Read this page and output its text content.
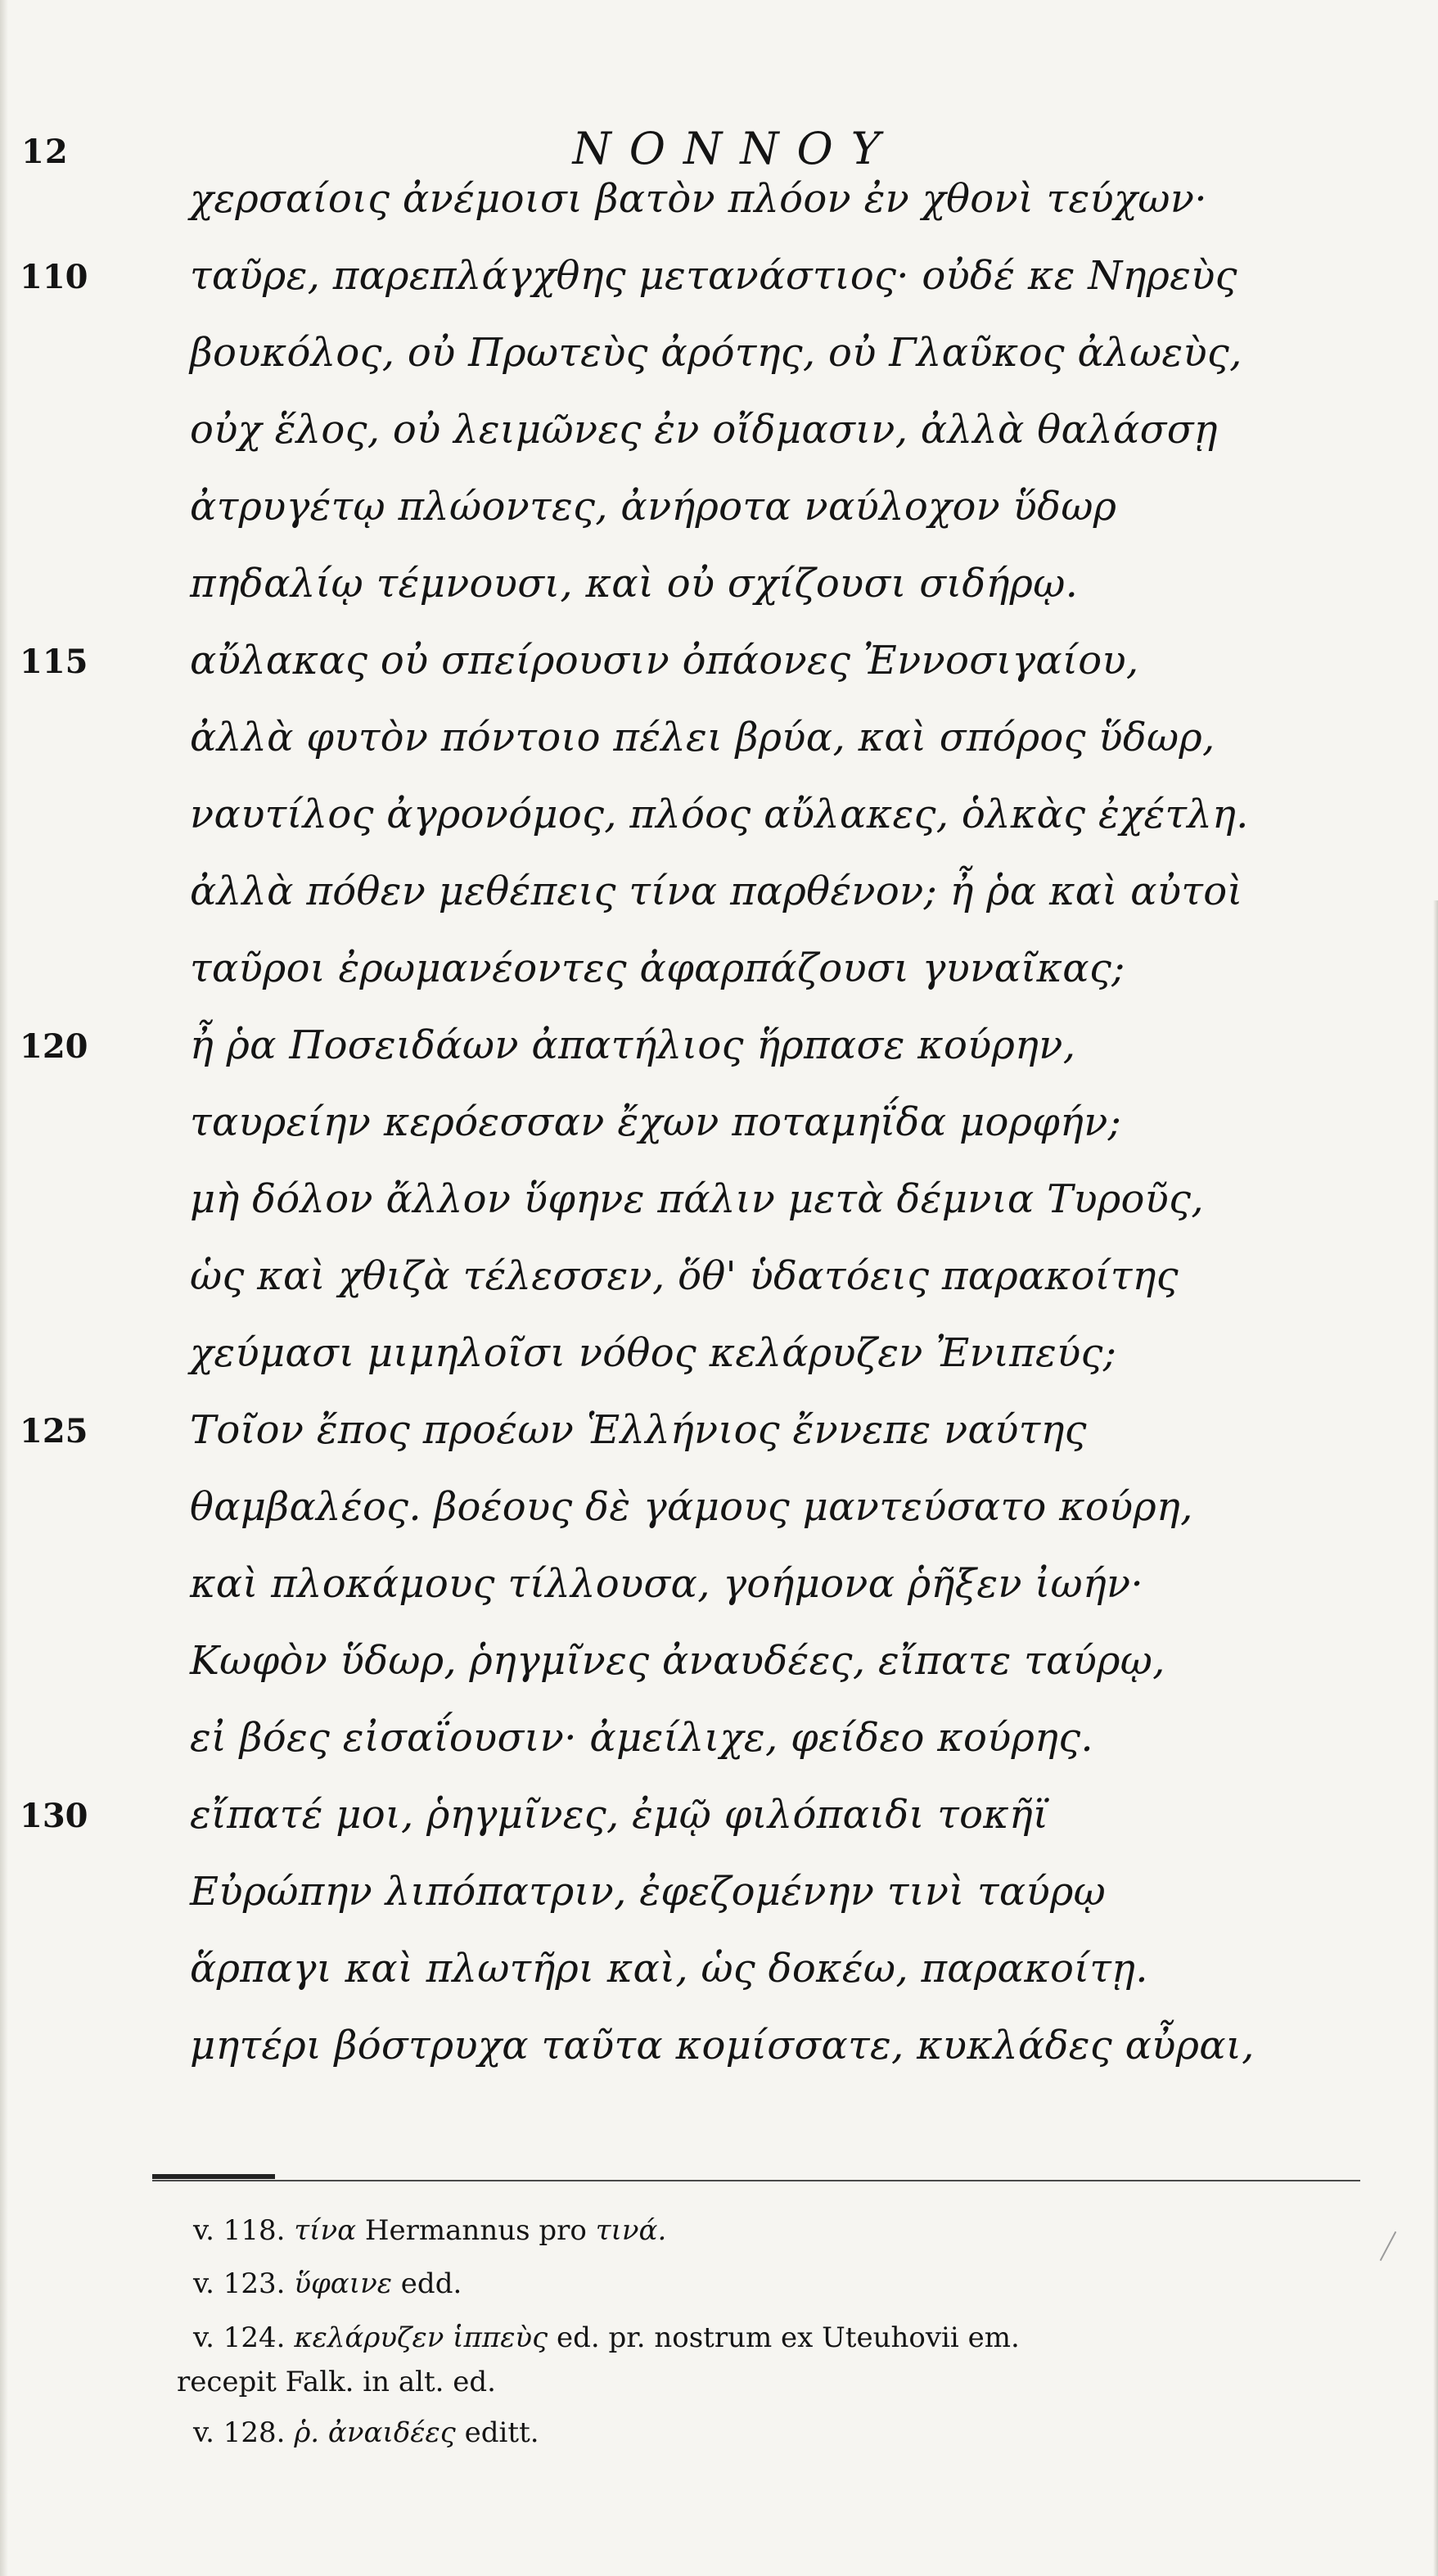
12	ΝΟΝΝΟΥ
χερσαίοις ἀνέμοισι βατὸν πλόον ἐν χθονὶ τεύχων·
110	ταῦρε, παρεπλάγχθης μετανάστιος· οὐδέ κε Νηρεὺς
βουκόλος, οὐ Πρωτεὺς ἀρότης, οὐ Γλαῦκος ἀλωεὺς,
οὐχ ἕλος, οὐ λειμῶνες ἐν οἴδμασιν, ἀλλὰ θαλάσσῃ
ἀτρυγέτῳ πλώοντες, ἀνήροτα ναύλοχον ὕδωρ
πηδαλίῳ τέμνουσι, καὶ οὐ σχίζουσι σιδήρῳ.
115	αὔλακας οὐ σπείρουσιν ὀπάονες Ἐννοσιγαίου,
ἀλλὰ φυτὸν πόντοιο πέλει βρύα, καὶ σπόρος ὕδωρ,
ναυτίλος ἀγρονόμος, πλόος αὔλακες, ὁλκὰς ἐχέτλη.
ἀλλὰ πόθεν μεθέπεις τίνα παρθένον; ἦ ῥα καὶ αὐτοὶ
ταῦροι ἐρωμανέοντες ἀφαρπάζουσι γυναῖκας;
120	ἦ ῥα Ποσειδάων ἀπατήλιος ἥρπασε κούρην,
ταυρείην κερόεσσαν ἔχων ποταμηΐδα μορφήν;
μὴ δόλον ἄλλον ὕφηνε πάλιν μετὰ δέμνια Τυροῦς,
ὡς καὶ χθιζὰ τέλεσσεν, ὅθ' ὑδατόεις παρακοίτης
χεύμασι μιμηλοῖσι νόθος κελάρυζεν Ἐνιπεύς;
125	Τοῖον ἔπος προέων Ἑλλήνιος ἔννεπε ναύτης
θαμβαλέος. βοέους δὲ γάμους μαντεύσατο κούρη,
καὶ πλοκάμους τίλλουσα, γοήμονα ῥῆξεν ἰωήν·
Κωφὸν ὕδωρ, ῥηγμῖνες ἀναυδέες, εἴπατε ταύρῳ,
εἰ βόες εἰσαΐουσιν· ἀμείλιχε, φείδεο κούρης.
130	εἴπατέ μοι, ῥηγμῖνες, ἐμῷ φιλόπαιδι τοκῆϊ
Εὐρώπην λιπόπατριν, ἐφεζομένην τινὶ ταύρῳ
ἅρπαγι καὶ πλωτῆρι καὶ, ὡς δοκέω, παρακοίτῃ.
μητέρι βόστρυχα ταῦτα κομίσσατε, κυκλάδες αὖραι,
v. 118. τίνα Hermannus pro τινά.
v. 123. ὕφαινε edd.
v. 124. κελάρυζεν ἱππεὺς ed. pr. nostrum ex Uteuhovii em.
recepit Falk. in alt. ed.
v. 128. ῥ. ἀναιδέες editt.
